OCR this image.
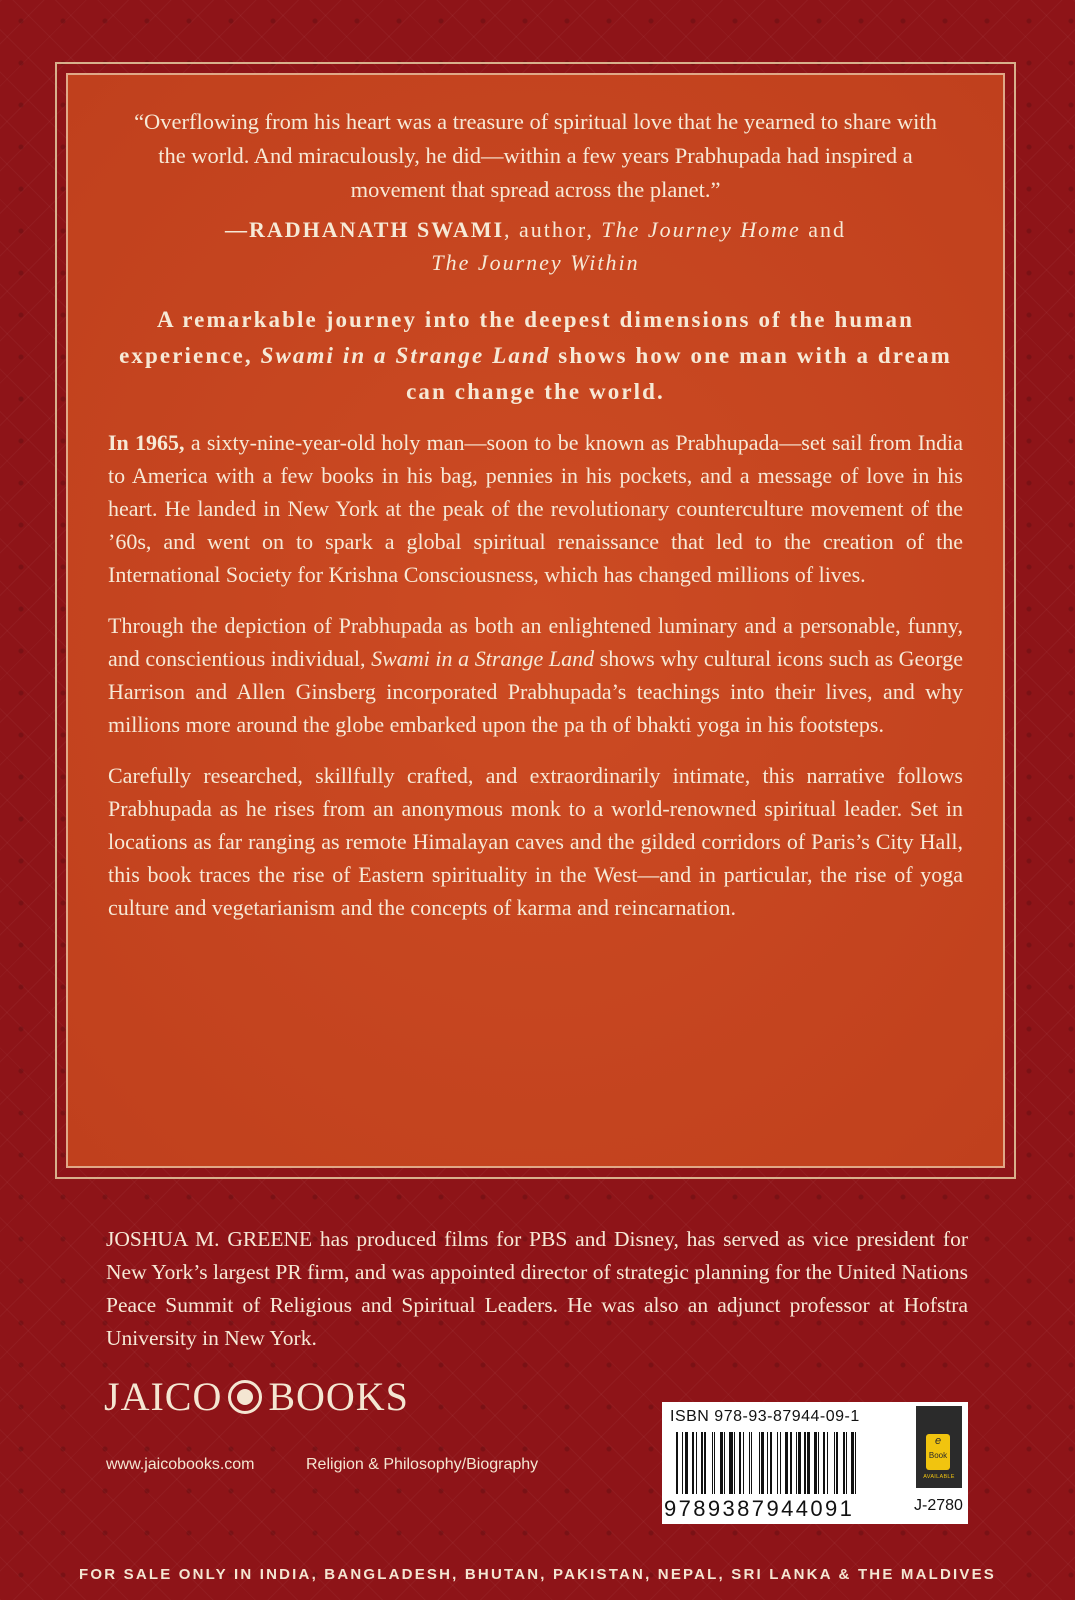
“Overflowing from his heart was a treasure of spiritual love that he yearned to share with the world. And miraculously, he did—within a few years Prabhupada had inspired a movement that spread across the planet.”
— RADHANATH SWAMI, author, The Journey Home and
The Journey Within
A remarkable journey into the deepest dimensions of the human experience, Swami in a Strange Land shows how one man with a dream can change the world.

In 1965, a sixty-nine-year-old holy man—soon to be known as Prabhupada—set sail from India to America with a few books in his bag, pennies in his pockets, and a message of love in his heart. He landed in New York at the peak of the revolutionary counterculture movement of the ’60s, and went on to spark a global spiritual renaissance that led to the creation of the International Society for Krishna Consciousness, which has changed millions of lives.

Through the depiction of Prabhupada as both an enlightened luminary and a personable, funny, and conscientious individual, Swami in a Strange Land shows why cultural icons such as George Harrison and Allen Ginsberg incorporated Prabhupada’s teachings into their lives, and why millions more around the globe embarked upon the pa th of bhakti yoga in his footsteps.

Carefully researched, skillfully crafted, and extraordinarily intimate, this narrative follows Prabhupada as he rises from an anonymous monk to a world-renowned spiritual leader. Set in locations as far ranging as remote Himalayan caves and the gilded corridors of Paris’s City Hall, this book traces the rise of Eastern spirituality in the West—and in particular, the rise of yoga culture and vegetarianism and the concepts of karma and reincarnation.

JOSHUA M. GREENE has produced films for PBS and Disney, has served as vice president for New York’s largest PR firm, and was appointed director of strategic planning for the United Nations Peace Summit of Religious and Spiritual Leaders. He was also an adjunct professor at Hofstra University in New York.
JAICO BOOKS
www.jaicobooks.com	Religion & Philosophy/Biography
ISBN 978-93-87944-09-1
9789387944091
e
Book
AVAILABLE
J-2780
FOR SALE ONLY IN INDIA, BANGLADESH, BHUTAN, PAKISTAN, NEPAL, SRI LANKA & THE MALDIVES
